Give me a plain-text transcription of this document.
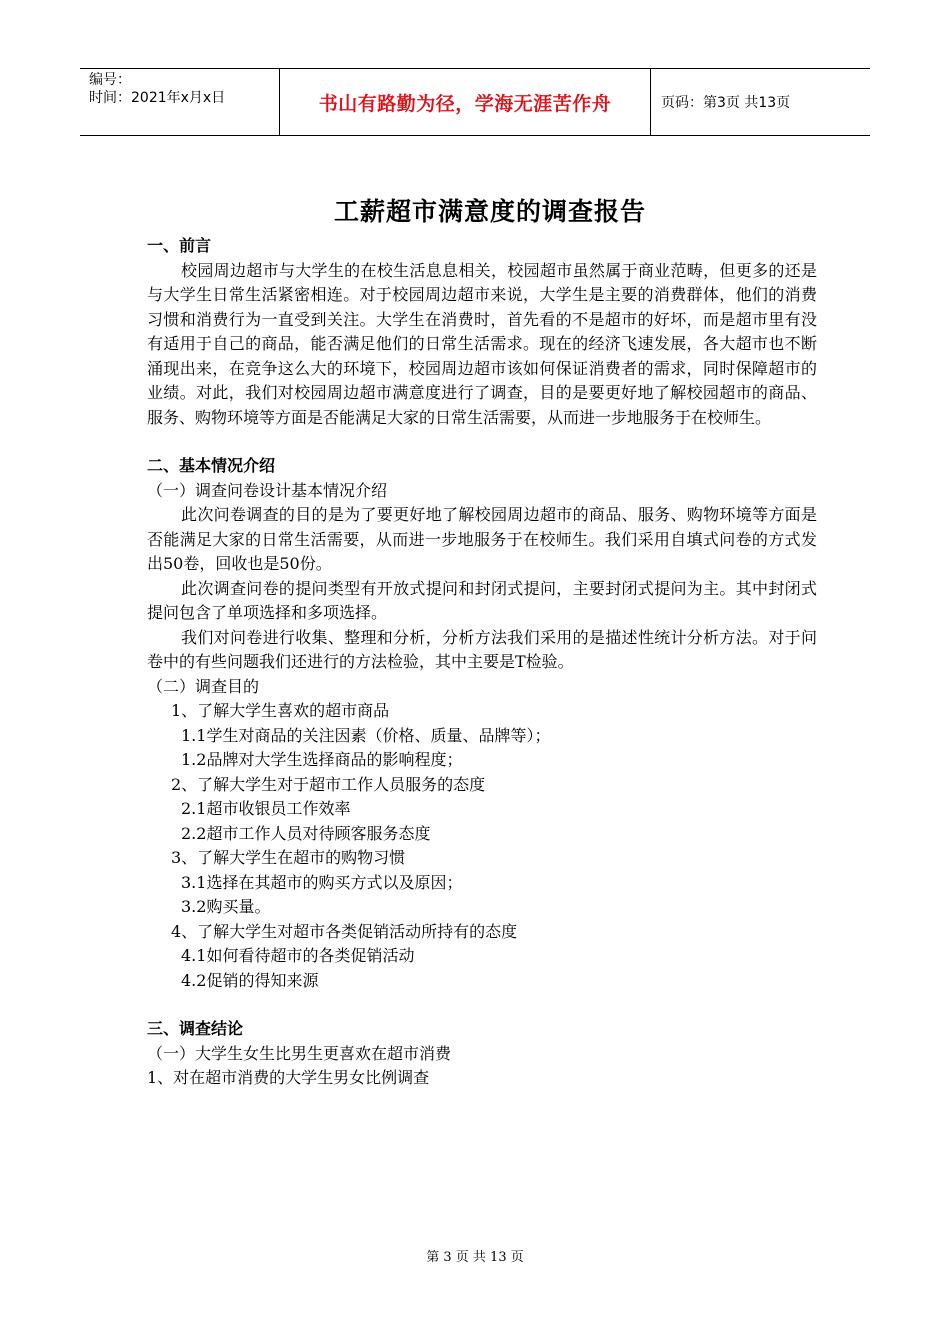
编号：
时间：2021年x月x日	书山有路勤为径，学海无涯苦作舟	页码：第3页 共13页
工薪超市满意度的调查报告
一、前言
校园周边超市与大学生的在校生活息息相关，校园超市虽然属于商业范畴，但更多的还是与大学生日常生活紧密相连。对于校园周边超市来说，大学生是主要的消费群体，他们的消费习惯和消费行为一直受到关注。大学生在消费时，首先看的不是超市的好坏，而是超市里有没有适用于自己的商品，能否满足他们的日常生活需求。现在的经济飞速发展，各大超市也不断涌现出来，在竞争这么大的环境下，校园周边超市该如何保证消费者的需求，同时保障超市的业绩。对此，我们对校园周边超市满意度进行了调查，目的是要更好地了解校园超市的商品、服务、购物环境等方面是否能满足大家的日常生活需要，从而进一步地服务于在校师生。
二、基本情况介绍
（一）调查问卷设计基本情况介绍
此次问卷调查的目的是为了要更好地了解校园周边超市的商品、服务、购物环境等方面是否能满足大家的日常生活需要，从而进一步地服务于在校师生。我们采用自填式问卷的方式发出50卷，回收也是50份。
此次调查问卷的提问类型有开放式提问和封闭式提问，主要封闭式提问为主。其中封闭式提问包含了单项选择和多项选择。
我们对问卷进行收集、整理和分析，分析方法我们采用的是描述性统计分析方法。对于问卷中的有些问题我们还进行的方法检验，其中主要是T检验。
（二）调查目的
1、了解大学生喜欢的超市商品
1.1学生对商品的关注因素（价格、质量、品牌等）；
1.2品牌对大学生选择商品的影响程度；
2、了解大学生对于超市工作人员服务的态度
2.1超市收银员工作效率
2.2超市工作人员对待顾客服务态度
3、了解大学生在超市的购物习惯
3.1选择在其超市的购买方式以及原因；
3.2购买量。
4、了解大学生对超市各类促销活动所持有的态度
4.1如何看待超市的各类促销活动
4.2促销的得知来源
三、调查结论
（一）大学生女生比男生更喜欢在超市消费
1、对在超市消费的大学生男女比例调查
第 3 页 共 13 页
